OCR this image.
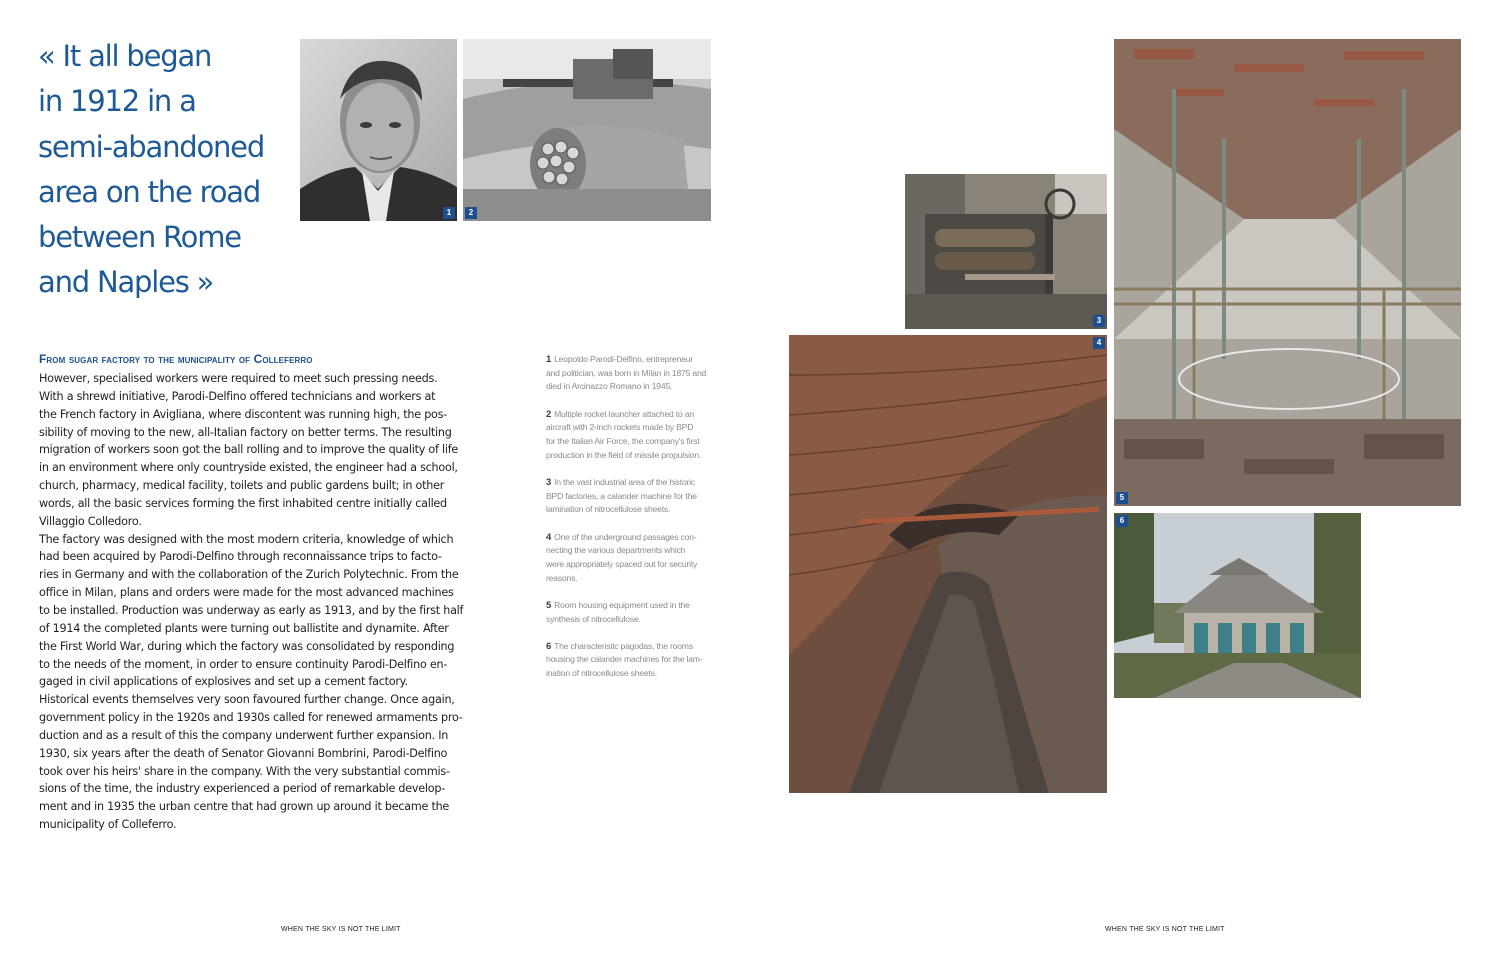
« It all began
in 1912 in a
semi-abandoned
area on the road
between Rome
and Naples »
1	2
3
4
5
6
From sugar factory to the municipality of Colleferro
However, specialised workers were required to meet such pressing needs.
With a shrewd initiative, Parodi-Delfino offered technicians and workers at
the French factory in Avigliana, where discontent was running high, the pos-
sibility of moving to the new, all-Italian factory on better terms. The resulting
migration of workers soon got the ball rolling and to improve the quality of life
in an environment where only countryside existed, the engineer had a school,
church, pharmacy, medical facility, toilets and public gardens built; in other
words, all the basic services forming the first inhabited centre initially called
Villaggio Colledoro.
The factory was designed with the most modern criteria, knowledge of which
had been acquired by Parodi-Delfino through reconnaissance trips to facto-
ries in Germany and with the collaboration of the Zurich Polytechnic. From the
office in Milan, plans and orders were made for the most advanced machines
to be installed. Production was underway as early as 1913, and by the first half
of 1914 the completed plants were turning out ballistite and dynamite. After
the First World War, during which the factory was consolidated by responding
to the needs of the moment, in order to ensure continuity Parodi-Delfino en-
gaged in civil applications of explosives and set up a cement factory.
Historical events themselves very soon favoured further change. Once again,
government policy in the 1920s and 1930s called for renewed armaments pro-
duction and as a result of this the company underwent further expansion. In
1930, six years after the death of Senator Giovanni Bombrini, Parodi-Delfino
took over his heirs' share in the company. With the very substantial commis-
sions of the time, the industry experienced a period of remarkable develop-
ment and in 1935 the urban centre that had grown up around it became the
municipality of Colleferro.
1 Leopoldo Parodi-Delfino, entrepreneur
and politician, was born in Milan in 1875 and
died in Arcinazzo Romano in 1945.
2 Multiple rocket launcher attached to an
aircraft with 2-inch rockets made by BPD
for the Italian Air Force, the company's first
production in the field of missile propulsion.
3 In the vast industrial area of the historic
BPD factories, a calander machine for the
lamination of nitrocellulose sheets.
4 One of the underground passages con-
necting the various departments which
were appropriately spaced out for security
reasons.
5 Room housing equipment used in the
synthesis of nitrocellulose.
6 The characteristic pagodas, the rooms
housing the calander machines for the lam-
ination of nitrocellulose sheets.
WHEN THE SKY IS NOT THE LIMIT	WHEN THE SKY IS NOT THE LIMIT
